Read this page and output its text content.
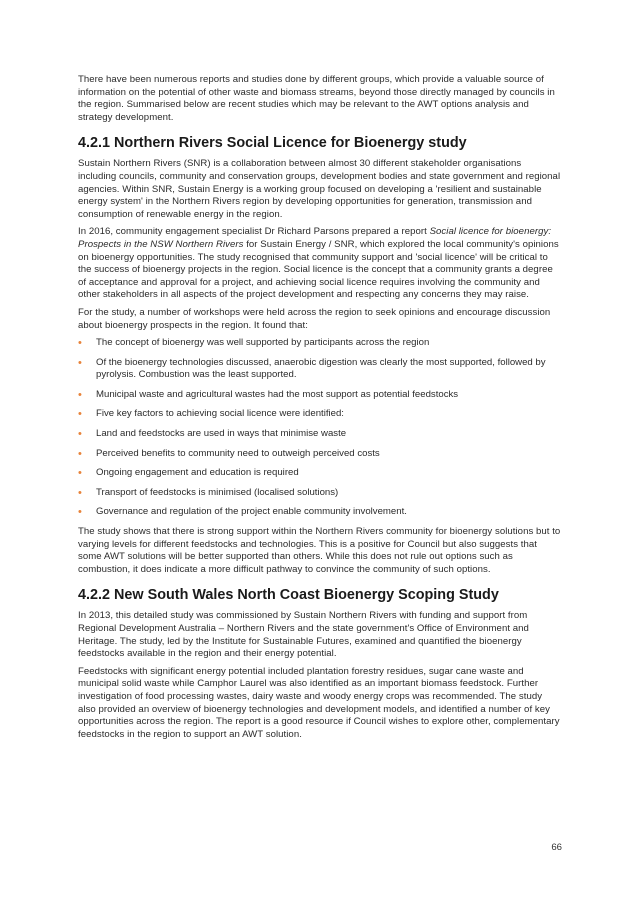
There have been numerous reports and studies done by different groups, which provide a valuable source of information on the potential of other waste and biomass streams, beyond those directly managed by councils in the region. Summarised below are recent studies which may be relevant to the AWT options analysis and strategy development.

4.2.1 Northern Rivers Social Licence for Bioenergy study

Sustain Northern Rivers (SNR) is a collaboration between almost 30 different stakeholder organisations including councils, community and conservation groups, development bodies and state government and regional agencies. Within SNR, Sustain Energy is a working group focused on developing a 'resilient and sustainable energy system' in the Northern Rivers region by developing opportunities for generation, transmission and consumption of renewable energy in the region.

In 2016, community engagement specialist Dr Richard Parsons prepared a report Social licence for bioenergy: Prospects in the NSW Northern Rivers for Sustain Energy / SNR, which explored the local community's opinions on bioenergy opportunities. The study recognised that community support and 'social licence' will be critical to the success of bioenergy projects in the region. Social licence is the concept that a community grants a degree of acceptance and approval for a project, and achieving social licence requires involving the community and other stakeholders in all aspects of the project development and respecting any concerns they may raise.

For the study, a number of workshops were held across the region to seek opinions and encourage discussion about bioenergy prospects in the region. It found that:

• The concept of bioenergy was well supported by participants across the region
• Of the bioenergy technologies discussed, anaerobic digestion was clearly the most supported, followed by pyrolysis. Combustion was the least supported.
• Municipal waste and agricultural wastes had the most support as potential feedstocks
• Five key factors to achieving social licence were identified:
• Land and feedstocks are used in ways that minimise waste
• Perceived benefits to community need to outweigh perceived costs
• Ongoing engagement and education is required
• Transport of feedstocks is minimised (localised solutions)
• Governance and regulation of the project enable community involvement.

The study shows that there is strong support within the Northern Rivers community for bioenergy solutions but to varying levels for different feedstocks and technologies. This is a positive for Council but also suggests that some AWT solutions will be better supported than others. While this does not rule out options such as combustion, it does indicate a more difficult pathway to convince the community of such options.

4.2.2 New South Wales North Coast Bioenergy Scoping Study

In 2013, this detailed study was commissioned by Sustain Northern Rivers with funding and support from Regional Development Australia – Northern Rivers and the state government's Office of Environment and Heritage. The study, led by the Institute for Sustainable Futures, examined and quantified the bioenergy feedstocks available in the region and their energy potential.

Feedstocks with significant energy potential included plantation forestry residues, sugar cane waste and municipal solid waste while Camphor Laurel was also identified as an important biomass feedstock. Further investigation of food processing wastes, dairy waste and woody energy crops was recommended. The study also provided an overview of bioenergy technologies and development models, and identified a number of key opportunities across the region. The report is a good resource if Council wishes to explore other, complementary feedstocks in the region to support an AWT solution.

66
